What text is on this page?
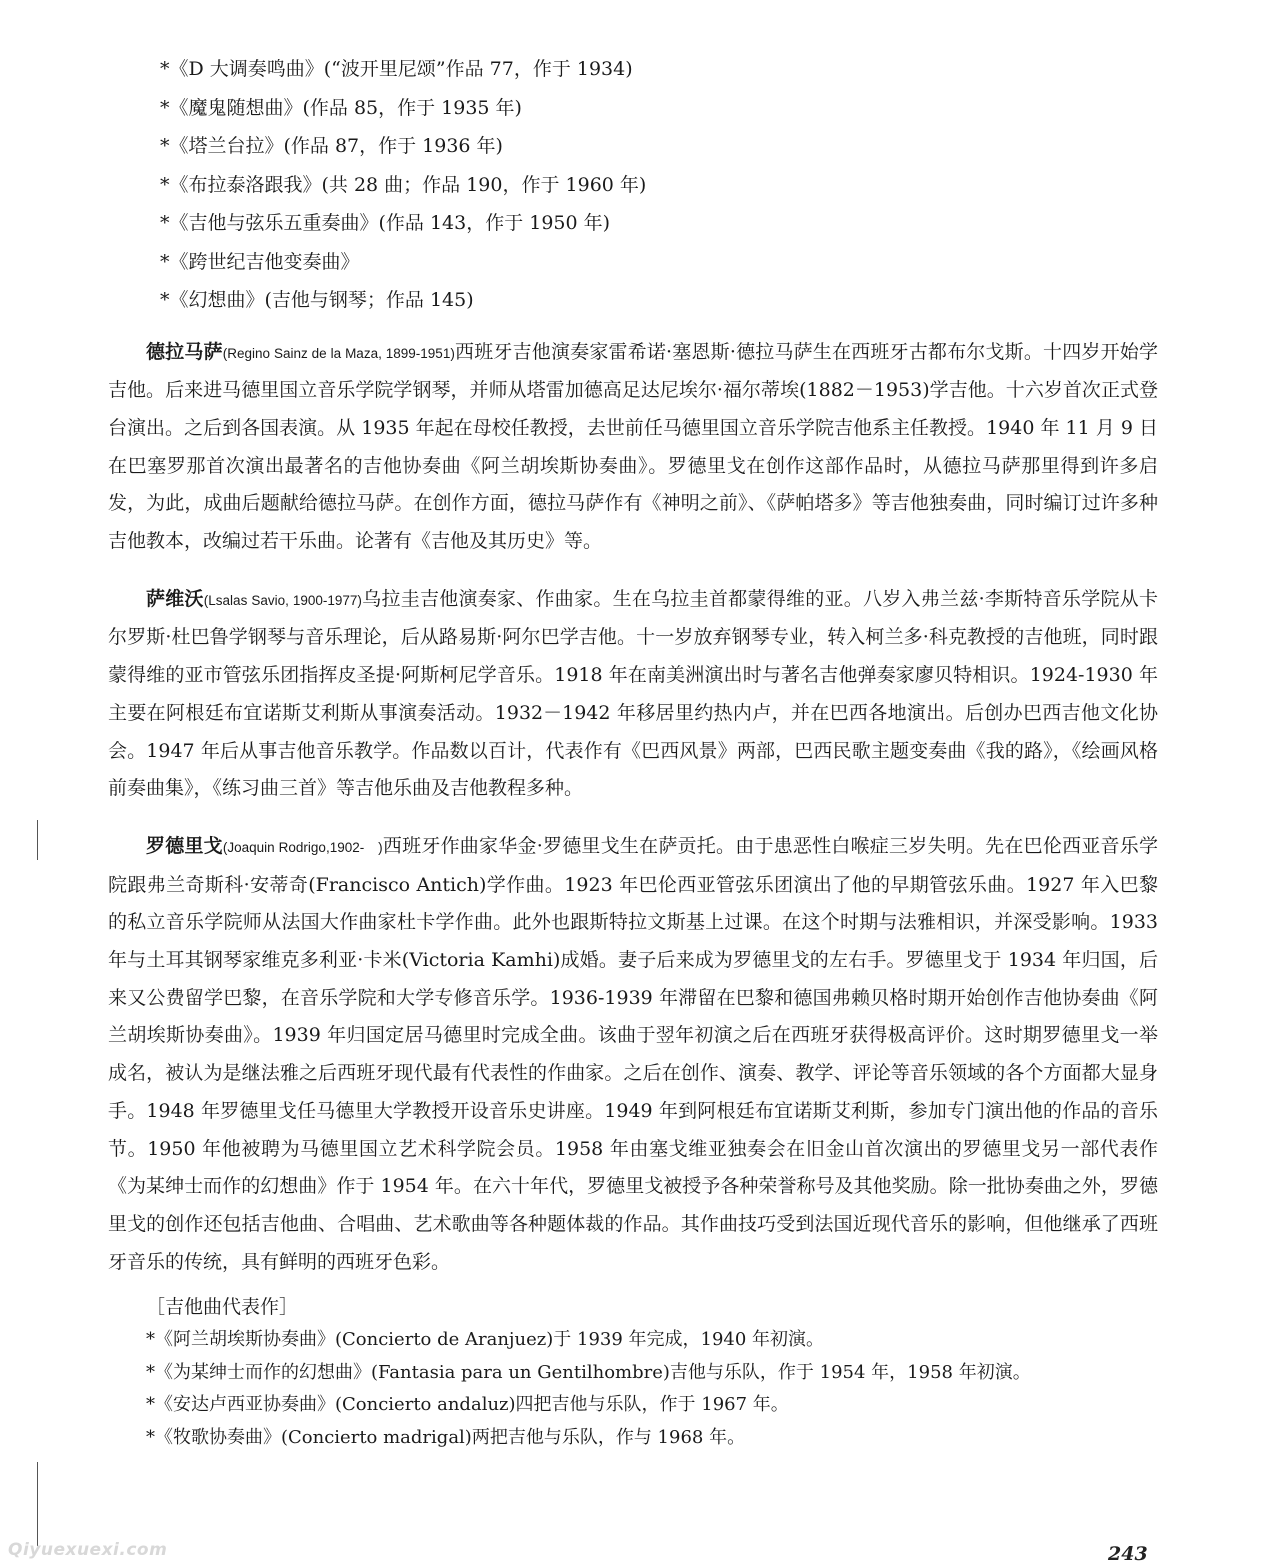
*《D 大调奏鸣曲》(“波开里尼颂”作品 77，作于 1934)
*《魔鬼随想曲》(作品 85，作于 1935 年)
*《塔兰台拉》(作品 87，作于 1936 年)
*《布拉泰洛跟我》(共 28 曲；作品 190，作于 1960 年)
*《吉他与弦乐五重奏曲》(作品 143，作于 1950 年)
*《跨世纪吉他变奏曲》
*《幻想曲》(吉他与钢琴；作品 145)

德拉马萨(Regino Sainz de la Maza, 1899-1951)西班牙吉他演奏家雷希诺·塞恩斯·德拉马萨生在西班牙古都布尔戈斯。十四岁开始学吉他。后来进马德里国立音乐学院学钢琴，并师从塔雷加德高足达尼埃尔·福尔蒂埃(1882－1953)学吉他。十六岁首次正式登台演出。之后到各国表演。从 1935 年起在母校任教授，去世前任马德里国立音乐学院吉他系主任教授。1940 年 11 月 9 日在巴塞罗那首次演出最著名的吉他协奏曲《阿兰胡埃斯协奏曲》。罗德里戈在创作这部作品时，从德拉马萨那里得到许多启发，为此，成曲后题献给德拉马萨。在创作方面，德拉马萨作有《神明之前》、《萨帕塔多》等吉他独奏曲，同时编订过许多种吉他教本，改编过若干乐曲。论著有《吉他及其历史》等。

萨维沃(Lsalas Savio, 1900-1977)乌拉圭吉他演奏家、作曲家。生在乌拉圭首都蒙得维的亚。八岁入弗兰兹·李斯特音乐学院从卡尔罗斯·杜巴鲁学钢琴与音乐理论，后从路易斯·阿尔巴学吉他。十一岁放弃钢琴专业，转入柯兰多·科克教授的吉他班，同时跟蒙得维的亚市管弦乐团指挥皮圣提·阿斯柯尼学音乐。1918 年在南美洲演出时与著名吉他弹奏家廖贝特相识。1924-1930 年主要在阿根廷布宜诺斯艾利斯从事演奏活动。1932－1942 年移居里约热内卢，并在巴西各地演出。后创办巴西吉他文化协会。1947 年后从事吉他音乐教学。作品数以百计，代表作有《巴西风景》两部，巴西民歌主题变奏曲《我的路》，《绘画风格前奏曲集》，《练习曲三首》等吉他乐曲及吉他教程多种。

罗德里戈(Joaquin Rodrigo,1902-　)西班牙作曲家华金·罗德里戈生在萨贡托。由于患恶性白喉症三岁失明。先在巴伦西亚音乐学院跟弗兰奇斯科·安蒂奇(Francisco Antich)学作曲。1923 年巴伦西亚管弦乐团演出了他的早期管弦乐曲。1927 年入巴黎的私立音乐学院师从法国大作曲家杜卡学作曲。此外也跟斯特拉文斯基上过课。在这个时期与法雅相识，并深受影响。1933 年与土耳其钢琴家维克多利亚·卡米(Victoria Kamhi)成婚。妻子后来成为罗德里戈的左右手。罗德里戈于 1934 年归国，后来又公费留学巴黎，在音乐学院和大学专修音乐学。1936-1939 年滞留在巴黎和德国弗赖贝格时期开始创作吉他协奏曲《阿兰胡埃斯协奏曲》。1939 年归国定居马德里时完成全曲。该曲于翌年初演之后在西班牙获得极高评价。这时期罗德里戈一举成名，被认为是继法雅之后西班牙现代最有代表性的作曲家。之后在创作、演奏、教学、评论等音乐领域的各个方面都大显身手。1948 年罗德里戈任马德里大学教授开设音乐史讲座。1949 年到阿根廷布宜诺斯艾利斯，参加专门演出他的作品的音乐节。1950 年他被聘为马德里国立艺术科学院会员。1958 年由塞戈维亚独奏会在旧金山首次演出的罗德里戈另一部代表作《为某绅士而作的幻想曲》作于 1954 年。在六十年代，罗德里戈被授予各种荣誉称号及其他奖励。除一批协奏曲之外，罗德里戈的创作还包括吉他曲、合唱曲、艺术歌曲等各种题体裁的作品。其作曲技巧受到法国近现代音乐的影响，但他继承了西班牙音乐的传统，具有鲜明的西班牙色彩。

［吉他曲代表作］
*《阿兰胡埃斯协奏曲》(Concierto de Aranjuez)于 1939 年完成，1940 年初演。
*《为某绅士而作的幻想曲》(Fantasia para un Gentilhombre)吉他与乐队，作于 1954 年，1958 年初演。
*《安达卢西亚协奏曲》(Concierto andaluz)四把吉他与乐队，作于 1967 年。
*《牧歌协奏曲》(Concierto madrigal)两把吉他与乐队，作与 1968 年。
243
Qiyuexuexi.com
